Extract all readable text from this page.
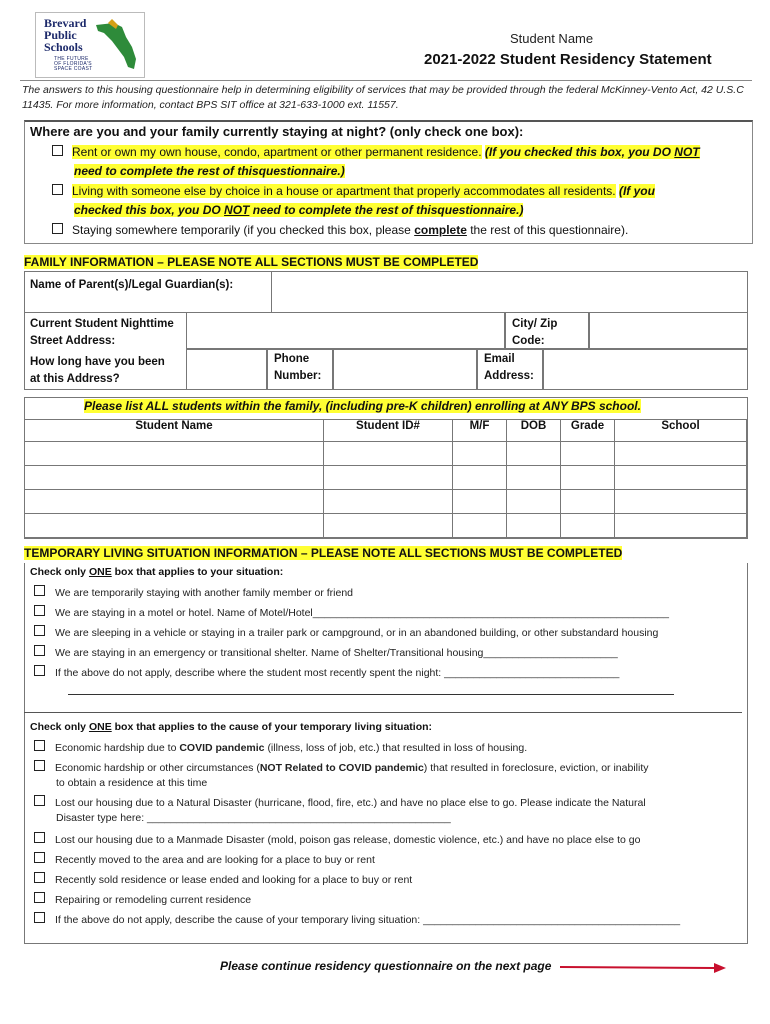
Brevard
Public
Schools
THE FUTURE OF FLORIDA'S SPACE COAST
Student Name
2021-2022 Student Residency Statement
The answers to this housing questionnaire help in determining eligibility of services that may be provided through the federal McKinney-Vento Act, 42 U.S.C 11435. For more information, contact BPS SIT office at 321-633-1000 ext. 11557.
Where are you and your family currently staying at night? (only check one box):
Rent or own my own house, condo, apartment or other permanent residence. (If you checked this box, you DO NOT
need to complete the rest of thisquestionnaire.)
Living with someone else by choice in a house or apartment that properly accommodates all residents. (If you
checked this box, you DO NOT need to complete the rest of thisquestionnaire.)
Staying somewhere temporarily (if you checked this box, please complete the rest of this questionnaire).
FAMILY INFORMATION – PLEASE NOTE ALL SECTIONS MUST BE COMPLETED
Name of Parent(s)/Legal Guardian(s):
Current Student Nighttime
Street Address:
City/ Zip
Code:
How long have you been
at this Address?
Phone
Number:
Email
Address:
Please list ALL students within the family, (including pre-K children) enrolling at ANY BPS school.
Student Name	Student ID#	M/F	DOB	Grade	School

TEMPORARY LIVING SITUATION INFORMATION – PLEASE NOTE ALL SECTIONS MUST BE COMPLETED
Check only ONE box that applies to your situation:
We are temporarily staying with another family member or friend
We are staying in a motel or hotel. Name of Motel/Hotel_____________________________________________________________
We are sleeping in a vehicle or staying in a trailer park or campground, or in an abandoned building, or other substandard housing
We are staying in an emergency or transitional shelter. Name of Shelter/Transitional housing_______________________
If the above do not apply, describe where the student most recently spent the night: ______________________________
Check only ONE box that applies to the cause of your temporary living situation:
Economic hardship due to COVID pandemic (illness, loss of job, etc.) that resulted in loss of housing.
Economic hardship or other circumstances (NOT Related to COVID pandemic) that resulted in foreclosure, eviction, or inability
to obtain a residence at this time
Lost our housing due to a Natural Disaster (hurricane, flood, fire, etc.) and have no place else to go. Please indicate the Natural
Disaster type here: ____________________________________________________
Lost our housing due to a Manmade Disaster (mold, poison gas release, domestic violence, etc.) and have no place else to go
Recently moved to the area and are looking for a place to buy or rent
Recently sold residence or lease ended and looking for a place to buy or rent
Repairing or remodeling current residence
If the above do not apply, describe the cause of your temporary living situation: ____________________________________________
Please continue residency questionnaire on the next page
